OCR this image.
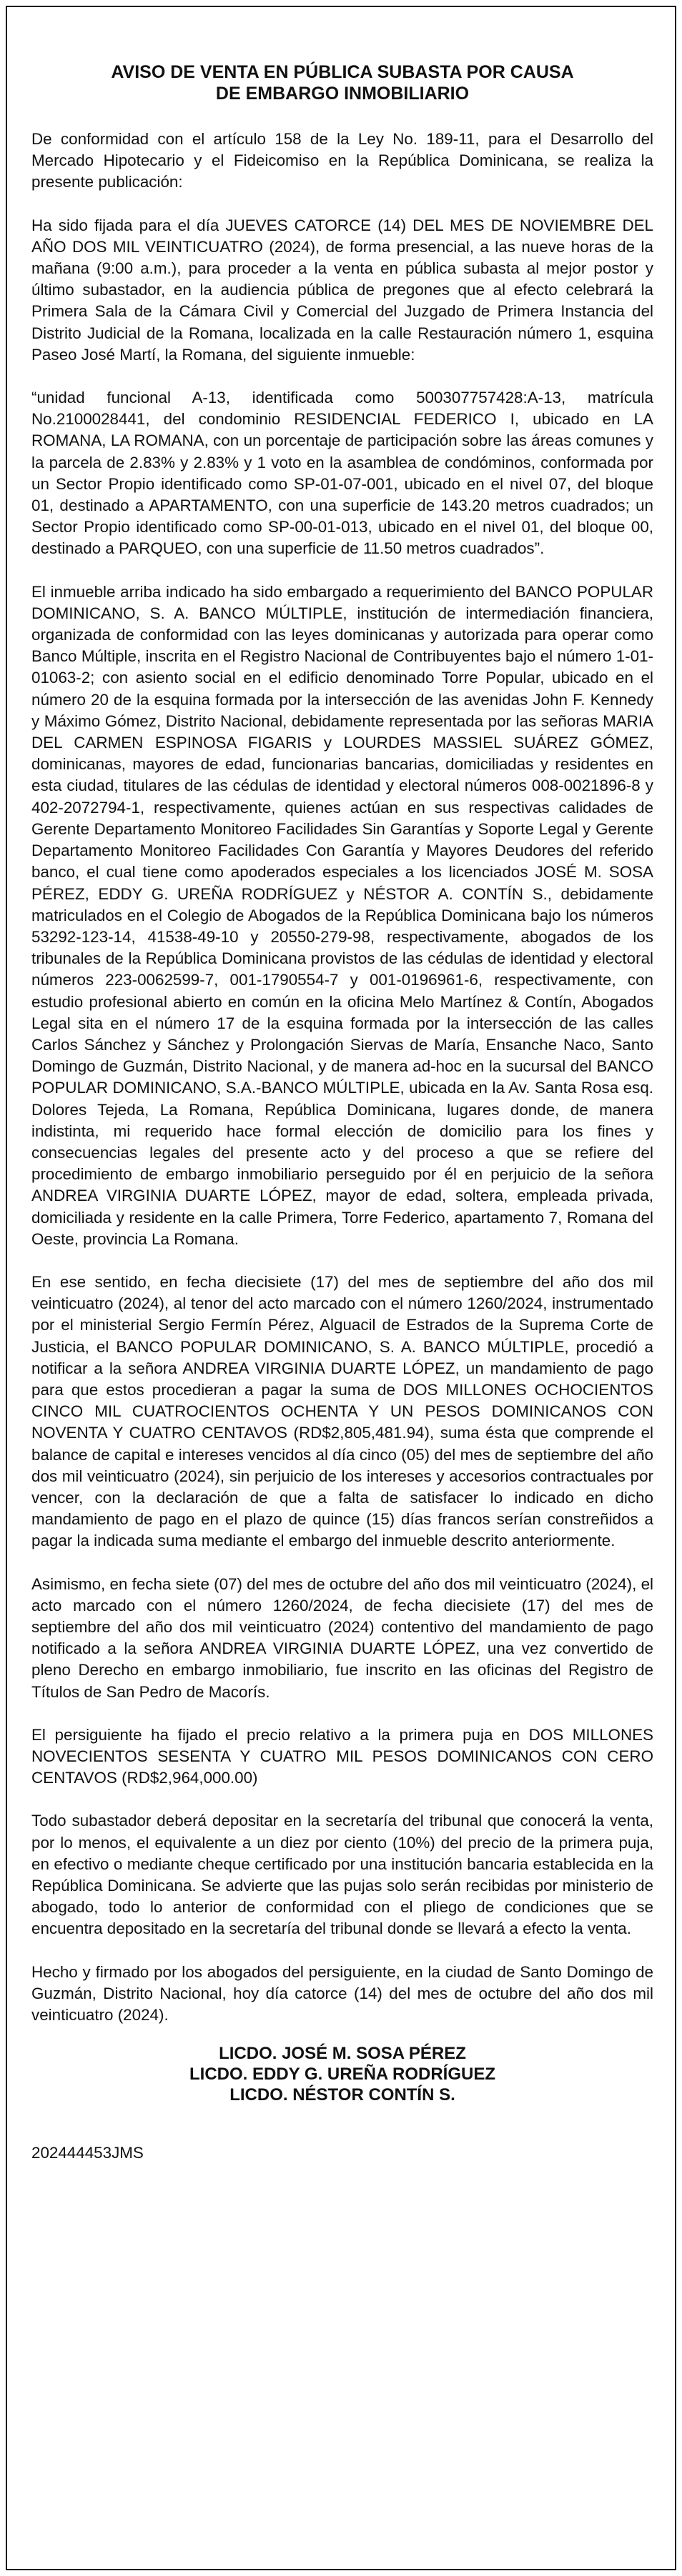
AVISO DE VENTA EN PÚBLICA SUBASTA POR CAUSA
DE EMBARGO INMOBILIARIO

De conformidad con el artículo 158 de la Ley No. 189-11, para el Desarrollo del Mercado Hipotecario y el Fideicomiso en la República Dominicana, se realiza la presente publicación:

Ha sido fijada para el día JUEVES CATORCE (14) DEL MES DE NOVIEMBRE DEL AÑO DOS MIL VEINTICUATRO (2024), de forma presencial, a las nueve horas de la mañana (9:00 a.m.), para proceder a la venta en pública subasta al mejor postor y último subastador, en la audiencia pública de pregones que al efecto celebrará la Primera Sala de la Cámara Civil y Comercial del Juzgado de Primera Instancia del Distrito Judicial de la Romana, localizada en la calle Restauración número 1, esquina Paseo José Martí, la Romana, del siguiente inmueble:

“unidad funcional A-13, identificada como 500307757428:A-13, matrícula No.2100028441, del condominio RESIDENCIAL FEDERICO I, ubicado en LA ROMANA, LA ROMANA, con un porcentaje de participación sobre las áreas comunes y la parcela de 2.83% y 2.83% y 1 voto en la asamblea de condóminos, conformada por un Sector Propio identificado como SP-01-07-001, ubicado en el nivel 07, del bloque 01, destinado a APARTAMENTO, con una superficie de 143.20 metros cuadrados; un Sector Propio identificado como SP-00-01-013, ubicado en el nivel 01, del bloque 00, destinado a PARQUEO, con una superficie de 11.50 metros cuadrados”.

El inmueble arriba indicado ha sido embargado a requerimiento del BANCO POPULAR DOMINICANO, S. A. BANCO MÚLTIPLE, institución de intermediación financiera, organizada de conformidad con las leyes dominicanas y autorizada para operar como Banco Múltiple, inscrita en el Registro Nacional de Contribuyentes bajo el número 1-01-01063-2; con asiento social en el edificio denominado Torre Popular, ubicado en el número 20 de la esquina formada por la intersección de las avenidas John F. Kennedy y Máximo Gómez, Distrito Nacional, debidamente representada por las señoras MARIA DEL CARMEN ESPINOSA FIGARIS y LOURDES MASSIEL SUÁREZ GÓMEZ, dominicanas, mayores de edad, funcionarias bancarias, domiciliadas y residentes en esta ciudad, titulares de las cédulas de identidad y electoral números 008-0021896-8 y 402-2072794-1, respectivamente, quienes actúan en sus respectivas calidades de Gerente Departamento Monitoreo Facilidades Sin Garantías y Soporte Legal y Gerente Departamento Monitoreo Facilidades Con Garantía y Mayores Deudores del referido banco, el cual tiene como apoderados especiales a los licenciados JOSÉ M. SOSA PÉREZ, EDDY G. UREÑA RODRÍGUEZ y NÉSTOR A. CONTÍN S., debidamente matriculados en el Colegio de Abogados de la República Dominicana bajo los números 53292-123-14, 41538-49-10 y 20550-279-98, respectivamente, abogados de los tribunales de la República Dominicana provistos de las cédulas de identidad y electoral números 223-0062599-7, 001-1790554-7 y 001-0196961-6, respectivamente, con estudio profesional abierto en común en la oficina Melo Martínez & Contín, Abogados Legal sita en el número 17 de la esquina formada por la intersección de las calles Carlos Sánchez y Sánchez y Prolongación Siervas de María, Ensanche Naco, Santo Domingo de Guzmán, Distrito Nacional, y de manera ad-hoc en la sucursal del BANCO POPULAR DOMINICANO, S.A.-BANCO MÚLTIPLE, ubicada en la Av. Santa Rosa esq. Dolores Tejeda, La Romana, República Dominicana, lugares donde, de manera indistinta, mi requerido hace formal elección de domicilio para los fines y consecuencias legales del presente acto y del proceso a que se refiere del procedimiento de embargo inmobiliario perseguido por él en perjuicio de la señora ANDREA VIRGINIA DUARTE LÓPEZ, mayor de edad, soltera, empleada privada, domiciliada y residente en la calle Primera, Torre Federico, apartamento 7, Romana del Oeste, provincia La Romana.

En ese sentido, en fecha diecisiete (17) del mes de septiembre del año dos mil veinticuatro (2024), al tenor del acto marcado con el número 1260/2024, instrumentado por el ministerial Sergio Fermín Pérez, Alguacil de Estrados de la Suprema Corte de Justicia, el BANCO POPULAR DOMINICANO, S. A. BANCO MÚLTIPLE, procedió a notificar a la señora ANDREA VIRGINIA DUARTE LÓPEZ, un mandamiento de pago para que estos procedieran a pagar la suma de DOS MILLONES OCHOCIENTOS CINCO MIL CUATROCIENTOS OCHENTA Y UN PESOS DOMINICANOS CON NOVENTA Y CUATRO CENTAVOS (RD$2,805,481.94), suma ésta que comprende el balance de capital e intereses vencidos al día cinco (05) del mes de septiembre del año dos mil veinticuatro (2024), sin perjuicio de los intereses y accesorios contractuales por vencer, con la declaración de que a falta de satisfacer lo indicado en dicho mandamiento de pago en el plazo de quince (15) días francos serían constreñidos a pagar la indicada suma mediante el embargo del inmueble descrito anteriormente.

Asimismo, en fecha siete (07) del mes de octubre del año dos mil veinticuatro (2024), el acto marcado con el número 1260/2024, de fecha diecisiete (17) del mes de septiembre del año dos mil veinticuatro (2024) contentivo del mandamiento de pago notificado a la señora ANDREA VIRGINIA DUARTE LÓPEZ, una vez convertido de pleno Derecho en embargo inmobiliario, fue inscrito en las oficinas del Registro de Títulos de San Pedro de Macorís.

El persiguiente ha fijado el precio relativo a la primera puja en DOS MILLONES NOVECIENTOS SESENTA Y CUATRO MIL PESOS DOMINICANOS CON CERO CENTAVOS (RD$2,964,000.00)

Todo subastador deberá depositar en la secretaría del tribunal que conocerá la venta, por lo menos, el equivalente a un diez por ciento (10%) del precio de la primera puja, en efectivo o mediante cheque certificado por una institución bancaria establecida en la República Dominicana. Se advierte que las pujas solo serán recibidas por ministerio de abogado, todo lo anterior de conformidad con el pliego de condiciones que se encuentra depositado en la secretaría del tribunal donde se llevará a efecto la venta.

Hecho y firmado por los abogados del persiguiente, en la ciudad de Santo Domingo de Guzmán, Distrito Nacional, hoy día catorce (14) del mes de octubre del año dos mil veinticuatro (2024).

LICDO. JOSÉ M. SOSA PÉREZ

LICDO. EDDY G. UREÑA RODRÍGUEZ

LICDO. NÉSTOR CONTÍN S.

202444453JMS
